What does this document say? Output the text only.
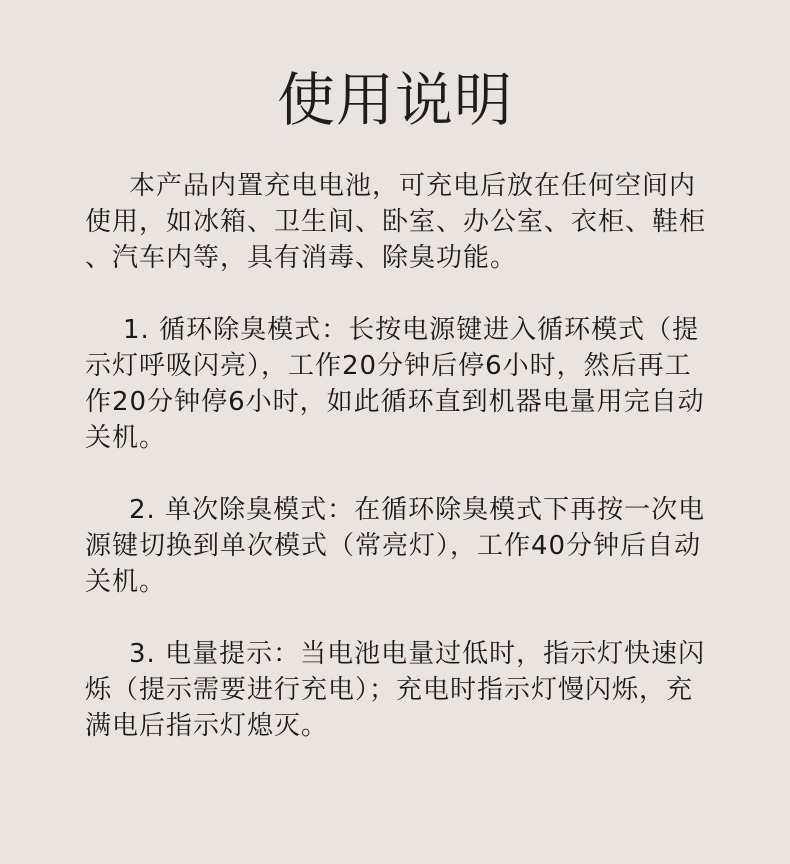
使用说明
本产品内置充电电池，可充电后放在任何空间内
使用，如冰箱、卫生间、卧室、办公室、衣柜、鞋柜
、汽车内等，具有消毒、除臭功能。
1. 循环除臭模式：长按电源键进入循环模式（提
示灯呼吸闪亮），工作20分钟后停6小时，然后再工
作20分钟停6小时，如此循环直到机器电量用完自动
关机。
2. 单次除臭模式：在循环除臭模式下再按一次电
源键切换到单次模式（常亮灯），工作40分钟后自动
关机。
3. 电量提示：当电池电量过低时，指示灯快速闪
烁（提示需要进行充电）；充电时指示灯慢闪烁，充
满电后指示灯熄灭。
